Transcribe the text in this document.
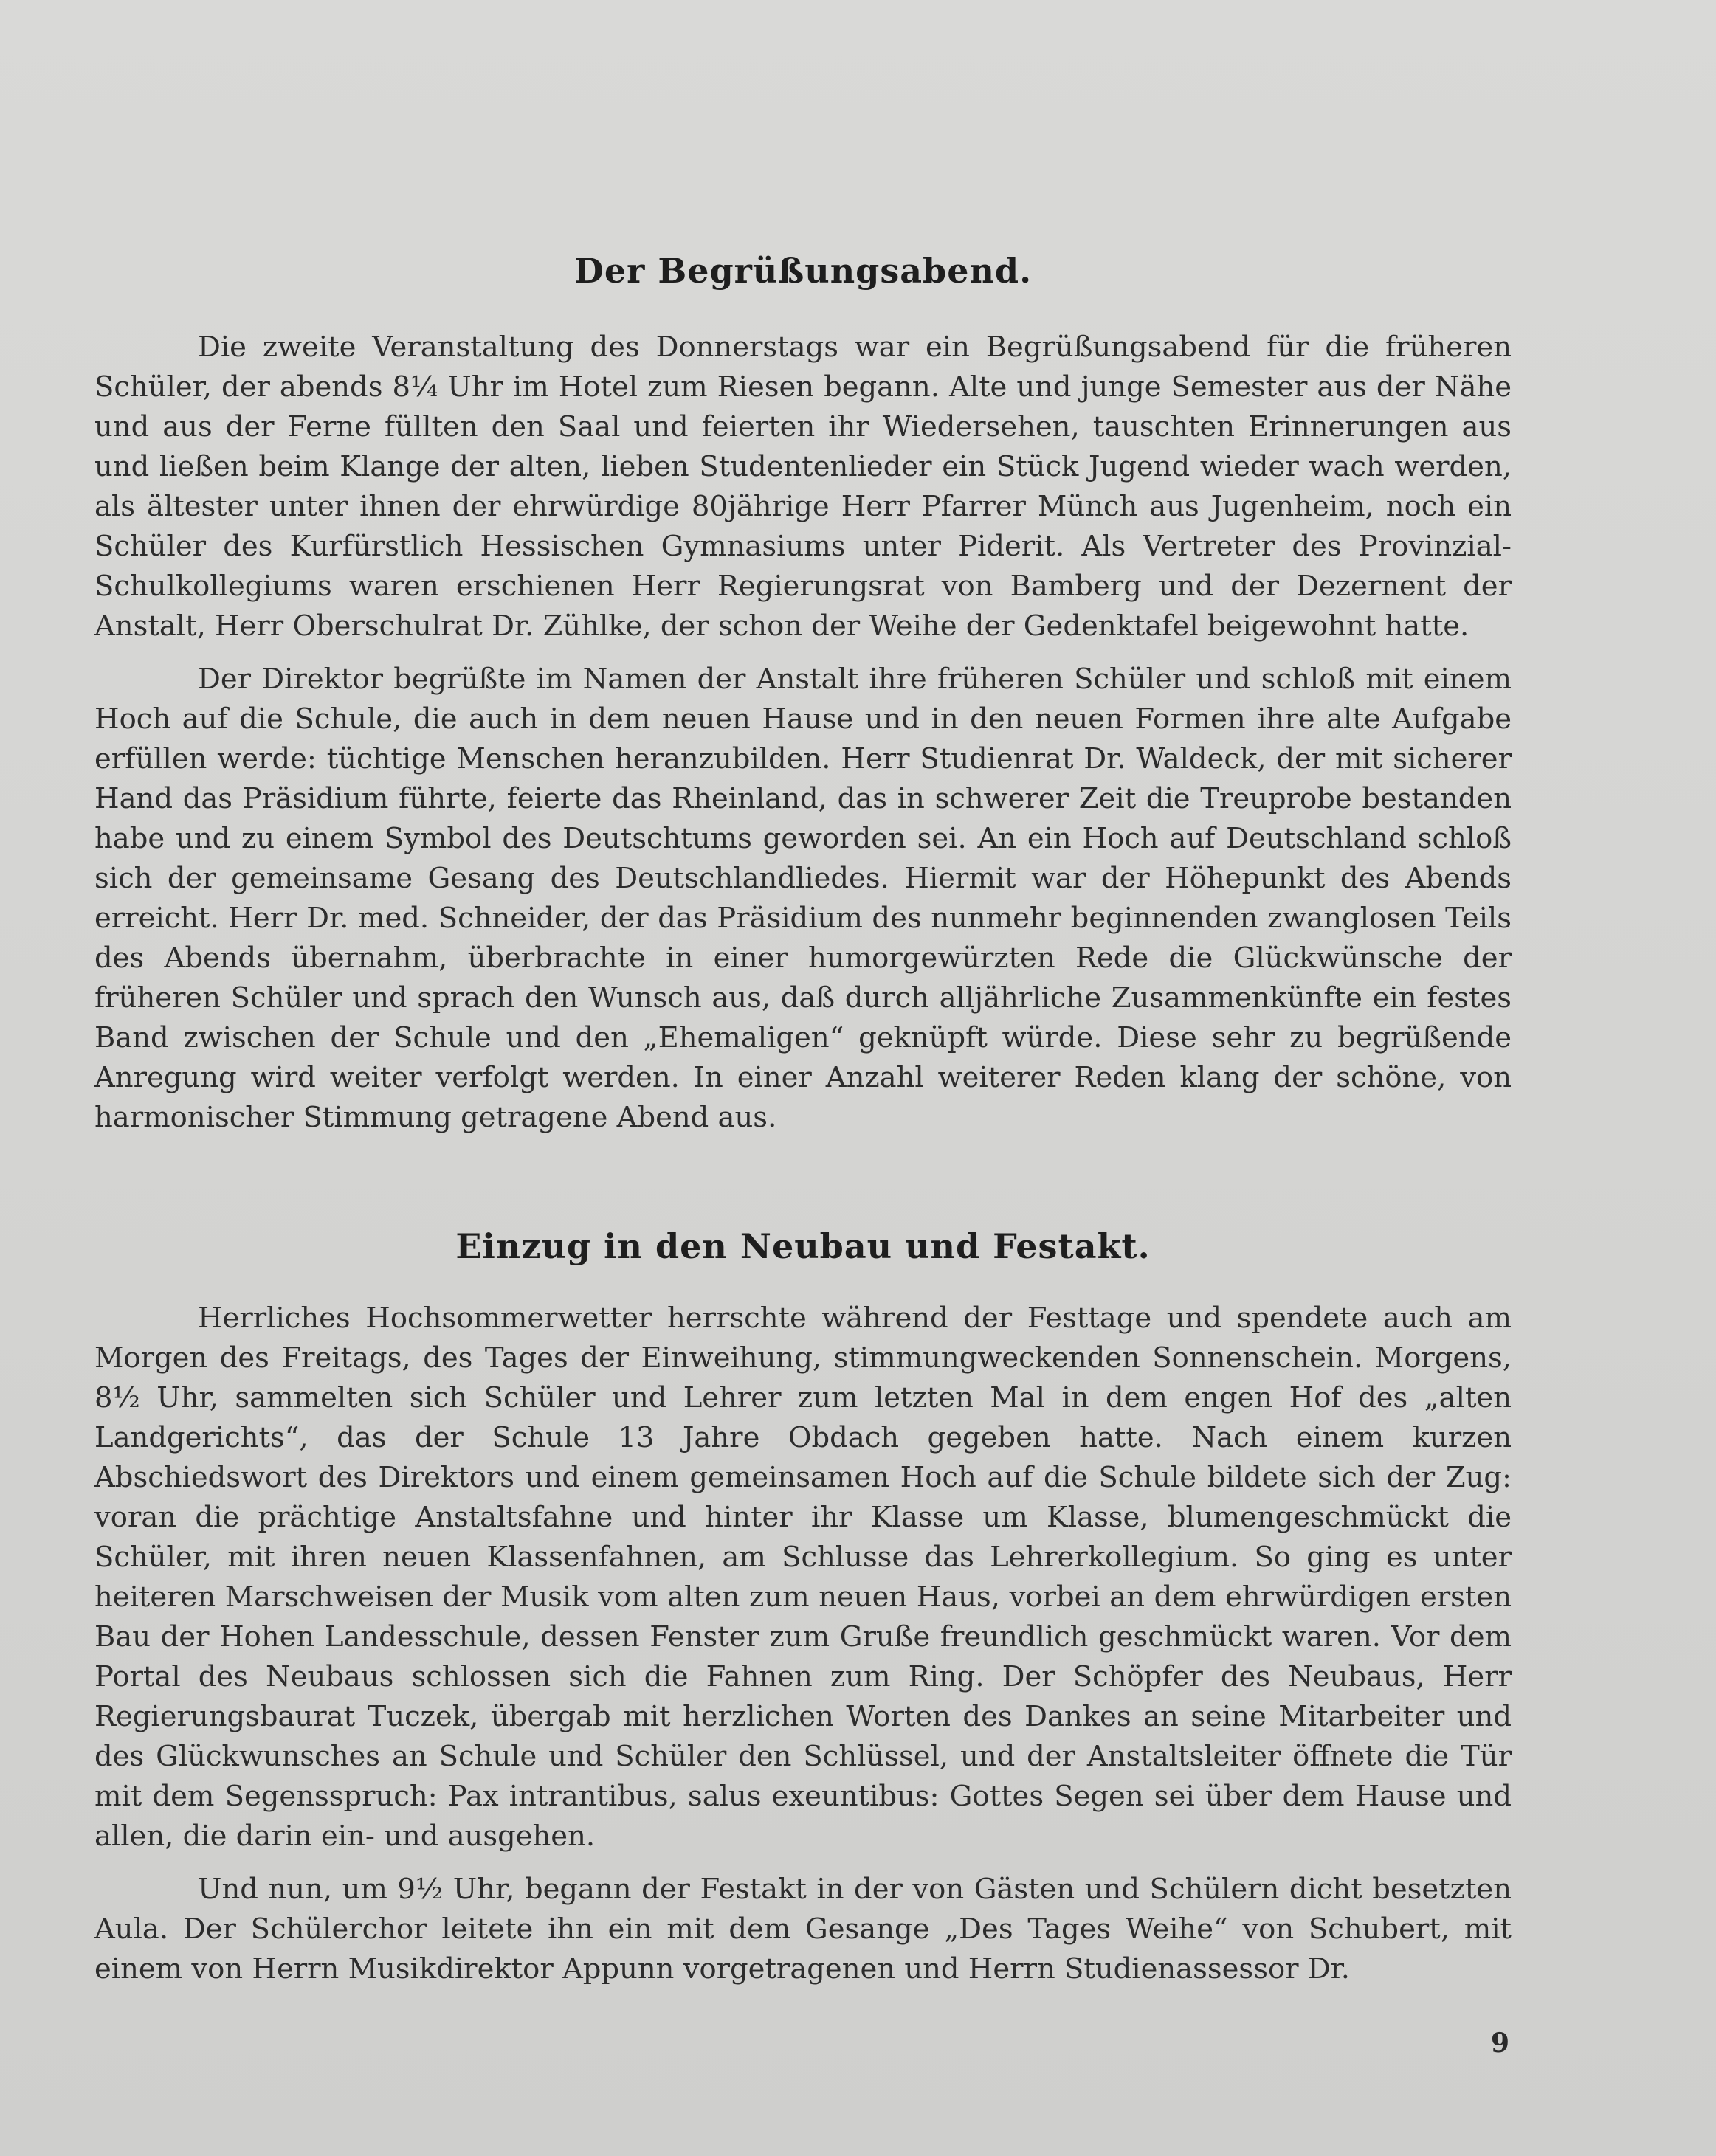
Der Begrüßungsabend.

Die zweite Veranstaltung des Donnerstags war ein Begrüßungsabend für die früheren Schüler, der abends 8¼ Uhr im Hotel zum Riesen begann. Alte und junge Semester aus der Nähe und aus der Ferne füllten den Saal und feierten ihr Wiedersehen, tauschten Erinnerungen aus und ließen beim Klange der alten, lieben Studentenlieder ein Stück Jugend wieder wach werden, als ältester unter ihnen der ehrwürdige 80jährige Herr Pfarrer Münch aus Jugenheim, noch ein Schüler des Kurfürstlich Hessischen Gymnasiums unter Piderit. Als Vertreter des Provinzial-Schulkollegiums waren erschienen Herr Regierungsrat von Bamberg und der Dezernent der Anstalt, Herr Oberschulrat Dr. Zühlke, der schon der Weihe der Gedenktafel beigewohnt hatte.

Der Direktor begrüßte im Namen der Anstalt ihre früheren Schüler und schloß mit einem Hoch auf die Schule, die auch in dem neuen Hause und in den neuen Formen ihre alte Aufgabe erfüllen werde: tüchtige Menschen heranzubilden. Herr Studienrat Dr. Waldeck, der mit sicherer Hand das Präsidium führte, feierte das Rheinland, das in schwerer Zeit die Treuprobe bestanden habe und zu einem Symbol des Deutschtums geworden sei. An ein Hoch auf Deutschland schloß sich der gemeinsame Gesang des Deutschlandliedes. Hiermit war der Höhepunkt des Abends erreicht. Herr Dr. med. Schneider, der das Präsidium des nunmehr beginnenden zwanglosen Teils des Abends übernahm, überbrachte in einer humorgewürzten Rede die Glückwünsche der früheren Schüler und sprach den Wunsch aus, daß durch alljährliche Zusammenkünfte ein festes Band zwischen der Schule und den „Ehemaligen“ geknüpft würde. Diese sehr zu begrüßende Anregung wird weiter verfolgt werden. In einer Anzahl weiterer Reden klang der schöne, von harmonischer Stimmung getragene Abend aus.

Einzug in den Neubau und Festakt.

Herrliches Hochsommerwetter herrschte während der Festtage und spendete auch am Morgen des Freitags, des Tages der Einweihung, stimmungweckenden Sonnenschein. Morgens, 8½ Uhr, sammelten sich Schüler und Lehrer zum letzten Mal in dem engen Hof des „alten Landgerichts“, das der Schule 13 Jahre Obdach gegeben hatte. Nach einem kurzen Abschiedswort des Direktors und einem gemeinsamen Hoch auf die Schule bildete sich der Zug: voran die prächtige Anstaltsfahne und hinter ihr Klasse um Klasse, blumengeschmückt die Schüler, mit ihren neuen Klassenfahnen, am Schlusse das Lehrerkollegium. So ging es unter heiteren Marschweisen der Musik vom alten zum neuen Haus, vorbei an dem ehrwürdigen ersten Bau der Hohen Landesschule, dessen Fenster zum Gruße freundlich geschmückt waren. Vor dem Portal des Neubaus schlossen sich die Fahnen zum Ring. Der Schöpfer des Neubaus, Herr Regierungsbaurat Tuczek, übergab mit herzlichen Worten des Dankes an seine Mitarbeiter und des Glückwunsches an Schule und Schüler den Schlüssel, und der Anstaltsleiter öffnete die Tür mit dem Segensspruch: Pax intrantibus, salus exeuntibus: Gottes Segen sei über dem Hause und allen, die darin ein- und ausgehen.

Und nun, um 9½ Uhr, begann der Festakt in der von Gästen und Schülern dicht besetzten Aula. Der Schülerchor leitete ihn ein mit dem Gesange „Des Tages Weihe“ von Schubert, mit einem von Herrn Musikdirektor Appunn vorgetragenen und Herrn Studienassessor Dr.

9
